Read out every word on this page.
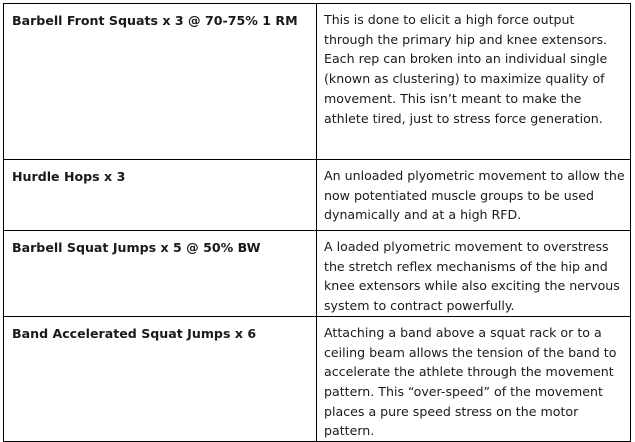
Barbell Front Squats x 3 @ 70-75% 1 RM	This is done to elicit a high force output through the primary hip and knee extensors. Each rep can broken into an individual single (known as clustering) to maximize quality of movement. This isn’t meant to make the athlete tired, just to stress force generation.

Hurdle Hops x 3	An unloaded plyometric movement to allow the now potentiated muscle groups to be used dynamically and at a high RFD.

Barbell Squat Jumps x 5 @ 50% BW	A loaded plyometric movement to overstress the stretch reflex mechanisms of the hip and knee extensors while also exciting the nervous system to contract powerfully.

Band Accelerated Squat Jumps x 6	Attaching a band above a squat rack or to a ceiling beam allows the tension of the band to accelerate the athlete through the movement pattern. This “over-speed” of the movement places a pure speed stress on the motor pattern.
